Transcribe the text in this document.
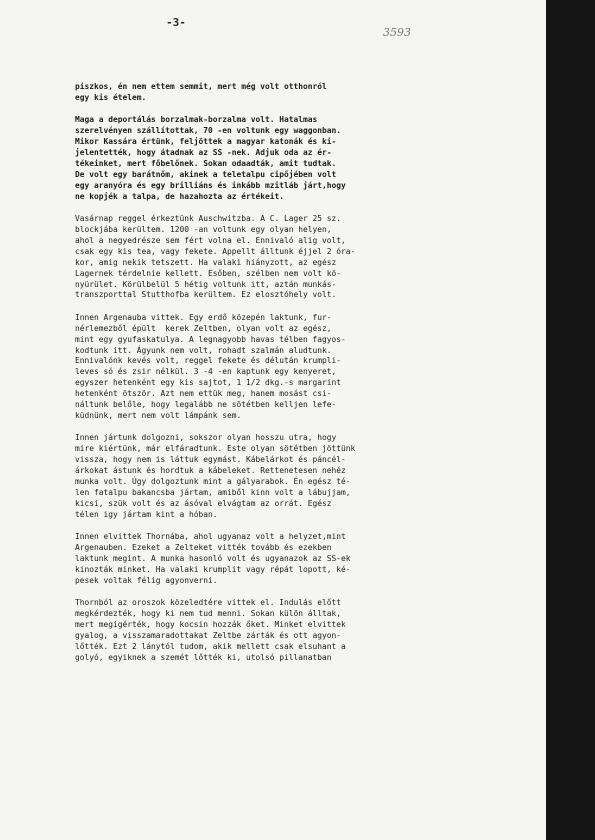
-3-
3593

piszkos, én nem ettem semmit, mert még volt otthonról
egy kis ételem.

Maga a deportálás borzalmak-borzalma volt. Hatalmas
szerelvényen szállítottak, 70 -en voltunk egy waggonban.
Mikor Kassára értünk, feljöttek a magyar katonák és ki-
jelentették, hogy átadnak az SS -nek. Adjuk oda az ér-
tékeinket, mert főbelőnek. Sokan odaadták, amit tudtak.
De volt egy barátnőm, akinek a teletalpu cipőjében volt
egy aranyóra és egy brilliáns és inkább mzitláb járt,hogy
ne kopjék a talpa, de hazahozta az értékeit.

Vasárnap reggel érkeztünk Auschwitzba. A C. Lager 25 sz.
blockjába kerültem. 1200 -an voltunk egy olyan helyen,
ahol a negyedrésze sem fért volna el. Ennivaló alig volt,
csak egy kis tea, vagy fekete. Appellt álltunk éjjel 2 óra-
kor, amig nekik tetszett. Ha valaki hiányzott, az egész
Lagernek térdelnie kellett. Esőben, szélben nem volt kö-
nyürület. Körülbelül 5 hétig voltunk itt, aztán munkás-
transzporttal Stutthofba kerültem. Ez elosztóhely volt.

Innen Argenauba vittek. Egy erdő közepén laktunk, fur-
nérlemezből épült  kerek Zeltben, olyan volt az egész,
mint egy gyufaskatulya. A legnagyobb havas télben fagyos-
kodtunk itt. Ágyunk nem volt, rohadt szalmán aludtunk.
Ennivalónk kevés volt, reggel fekete és délután krumpli-
leves só és zsir nélkül. 3 -4 -en kaptunk egy kenyeret,
egyszer hetenként egy kis sajtot, 1 1/2 dkg.-s margarint
hetenként ötször. Azt nem ettük meg, hanem mosást csi-
náltunk belőle, hogy legalább ne sötétben kelljen lefe-
küdnünk, mert nem volt lámpánk sem.

Innen jártunk dolgozni, sokszor olyan hosszu utra, hogy
mire kiértünk, már elfáradtunk. Este olyan sötétben jöttünk
vissza, hogy nem is láttuk egymást. Kábelárkot és páncél-
árkokat ástunk és hordtuk a kábeleket. Rettenetesen nehéz
munka volt. Úgy dolgoztunk mint a gályarabok. Én egész té-
len fatalpu bakancsba jártam, amiből kinn volt a lábujjam,
kicsi, szük volt és az ásóval elvágtam az orrát. Egész
télen igy jártam kint a hóban.

Innen elvittek Thornába, ahol ugyanaz volt a helyzet,mint
Argenauben. Ezeket a Zelteket vitték tovább és ezekben
laktunk megint. A munka hasonló volt és ugyanazok az SS-ek
kinozták minket. Ha valaki krumplit vagy répát lopott, ké-
pesek voltak félig agyonverni.

Thornból az oroszok közeledtére vittek el. Indulás előtt
megkérdezték, hogy ki nem tud menni. Sokan külön álltak,
mert megigérték, hogy kocsin hozzák őket. Minket elvittek
gyalog, a visszamaradottakat Zeltbe zárták és ott agyon-
lőtték. Ezt 2 lánytól tudom, akik mellett csak elsuhant a
golyó, egyiknek a szemét lőtték ki, utolsó pillanatban
